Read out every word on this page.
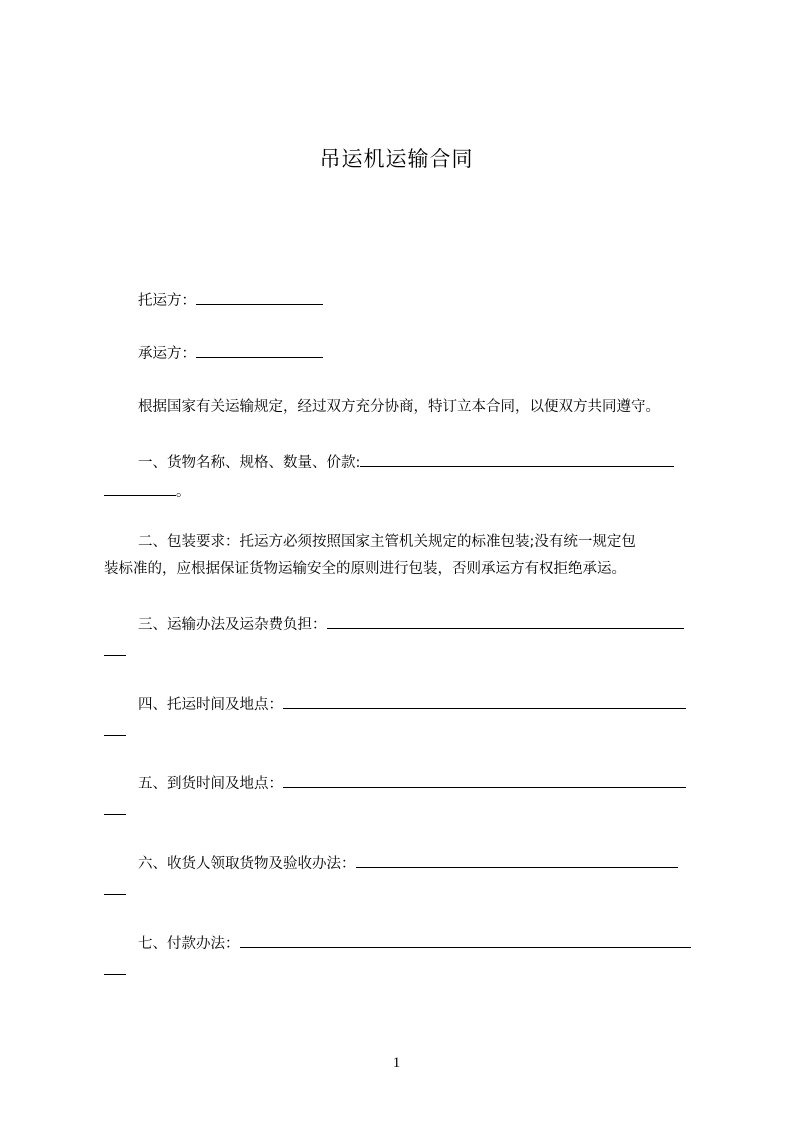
吊运机运输合同
托运方：
承运方：
根据国家有关运输规定，经过双方充分协商，特订立本合同，以便双方共同遵守。
一、货物名称、规格、数量、价款:
。
二、包装要求：托运方必须按照国家主管机关规定的标准包装;没有统一规定包
装标准的，应根据保证货物运输安全的原则进行包装，否则承运方有权拒绝承运。
三、运输办法及运杂费负担：
四、托运时间及地点：
五、到货时间及地点：
六、收货人领取货物及验收办法：
七、付款办法：
1
